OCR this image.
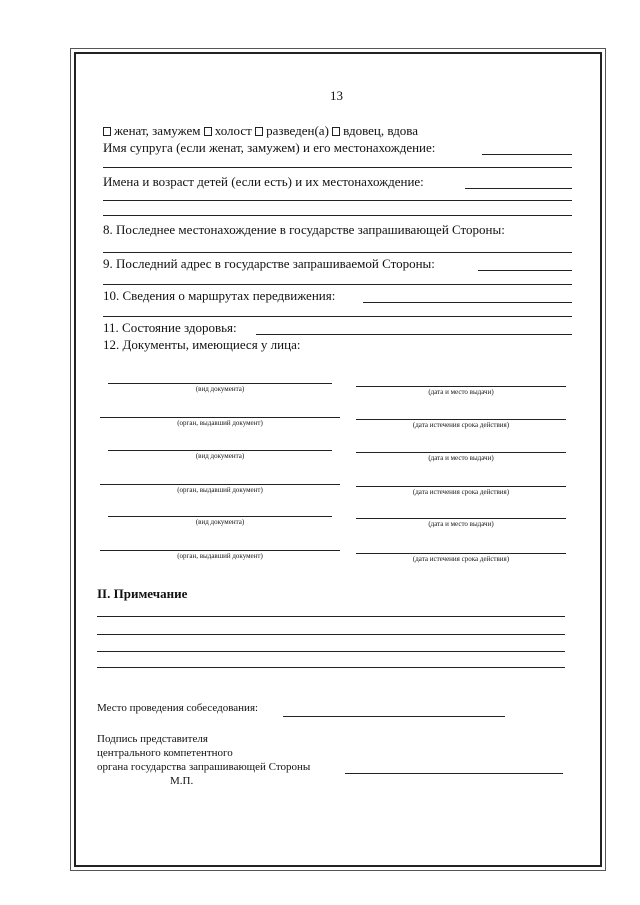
13
женат, замужем холост разведен(а) вдовец, вдова
Имя супруга (если женат, замужем) и его местонахождение:
Имена и возраст детей (если есть) и их местонахождение:
8. Последнее местонахождение в государстве запрашивающей Стороны:
9. Последний адрес в государстве запрашиваемой Стороны:
10. Сведения о маршрутах передвижения:
11. Состояние здоровья:
12. Документы, имеющиеся у лица:
(вид документа)	(дата и место выдачи)
(орган, выдавший документ)	(дата истечения срока действия)
(вид документа)	(дата и место выдачи)
(орган, выдавший документ)	(дата истечения срока действия)
(вид документа)	(дата и место выдачи)
(орган, выдавший документ)	(дата истечения срока действия)
II. Примечание
Место проведения собеседования:
Подпись представителя
центрального компетентного
органа государства запрашивающей Стороны
М.П.
